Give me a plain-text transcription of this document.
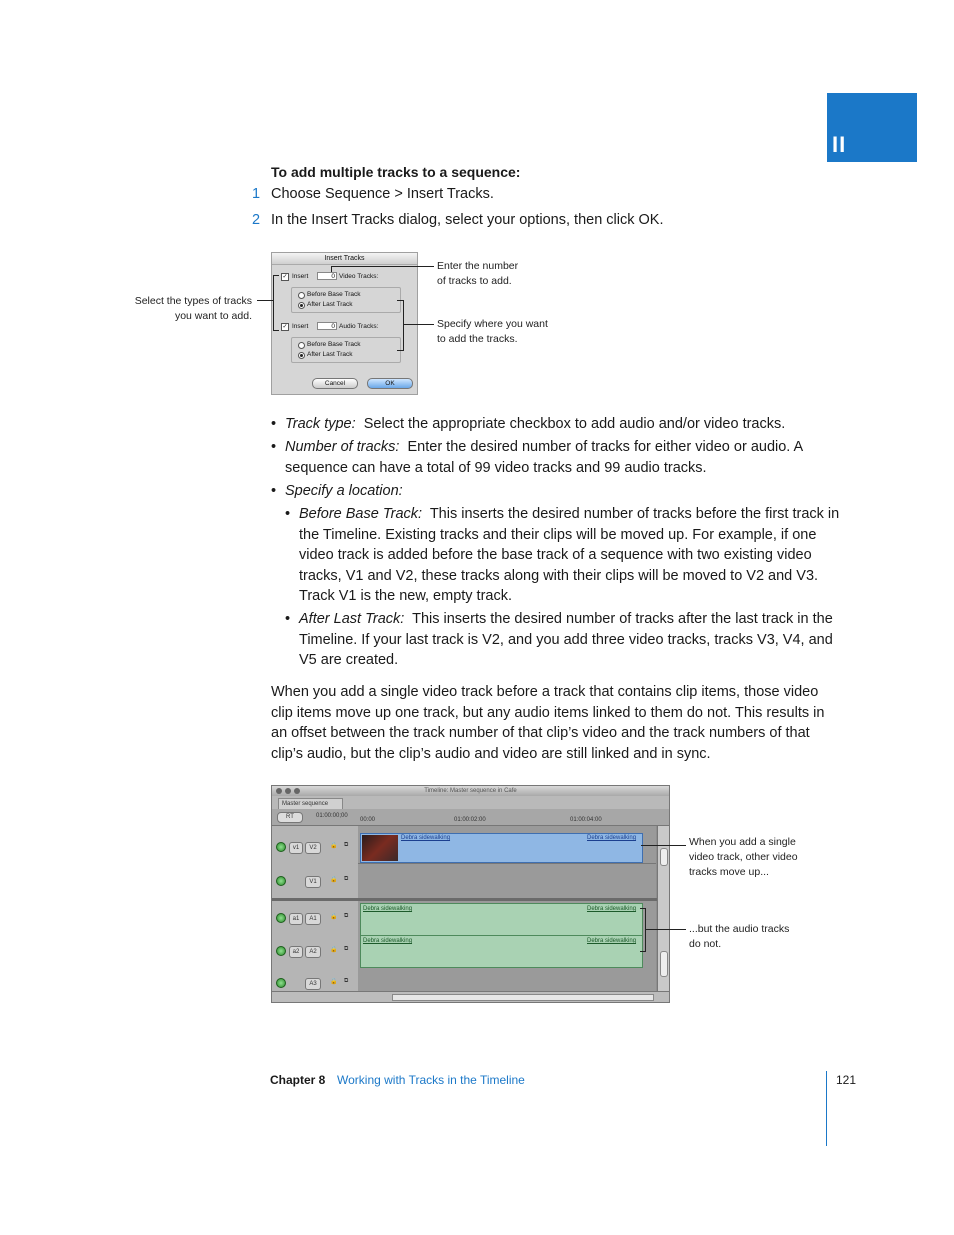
II
To add multiple tracks to a sequence:
1 Choose Sequence > Insert Tracks.
2 In the Insert Tracks dialog, select your options, then click OK.
Insert Tracks
✓ Insert	0 Video Tracks:
Before Base Track
After Last Track
✓ Insert	0 Audio Tracks:
Before Base Track
After Last Track
Cancel	OK
Select the types of tracks
you want to add.
Enter the number
of tracks to add.
Specify where you want
to add the tracks.
• Track type: Select the appropriate checkbox to add audio and/or video tracks.
• Number of tracks: Enter the desired number of tracks for either video or audio. A
sequence can have a total of 99 video tracks and 99 audio tracks.
• Specify a location:
• Before Base Track: This inserts the desired number of tracks before the first track in
the Timeline. Existing tracks and their clips will be moved up. For example, if one
video track is added before the base track of a sequence with two existing video
tracks, V1 and V2, these tracks along with their clips will be moved to V2 and V3.
Track V1 is the new, empty track.
• After Last Track: This inserts the desired number of tracks after the last track in the
Timeline. If your last track is V2, and you add three video tracks, tracks V3, V4, and
V5 are created.
When you add a single video track before a track that contains clip items, those video
clip items move up one track, but any audio items linked to them do not. This results in
an offset between the track number of that clip’s video and the track numbers of that
clip’s audio, but the clip’s audio and video are still linked and in sync.
Timeline: Master sequence in Cafe
Master sequence
RT	01:00:00;00
00:00	01:00:02:00	01:00:04:00
v1	V2	🔒 ⧉
V1	🔒 ⧉
Debra sidewalking	Debra sidewalking
a1	A1	🔒 ⧉
a2	A2	🔒 ⧉
A3	🔒 ⧉
Debra sidewalking	Debra sidewalking
Debra sidewalking	Debra sidewalking
When you add a single
video track, other video
tracks move up...
...but the audio tracks
do not.
Chapter 8 Working with Tracks in the Timeline	121
